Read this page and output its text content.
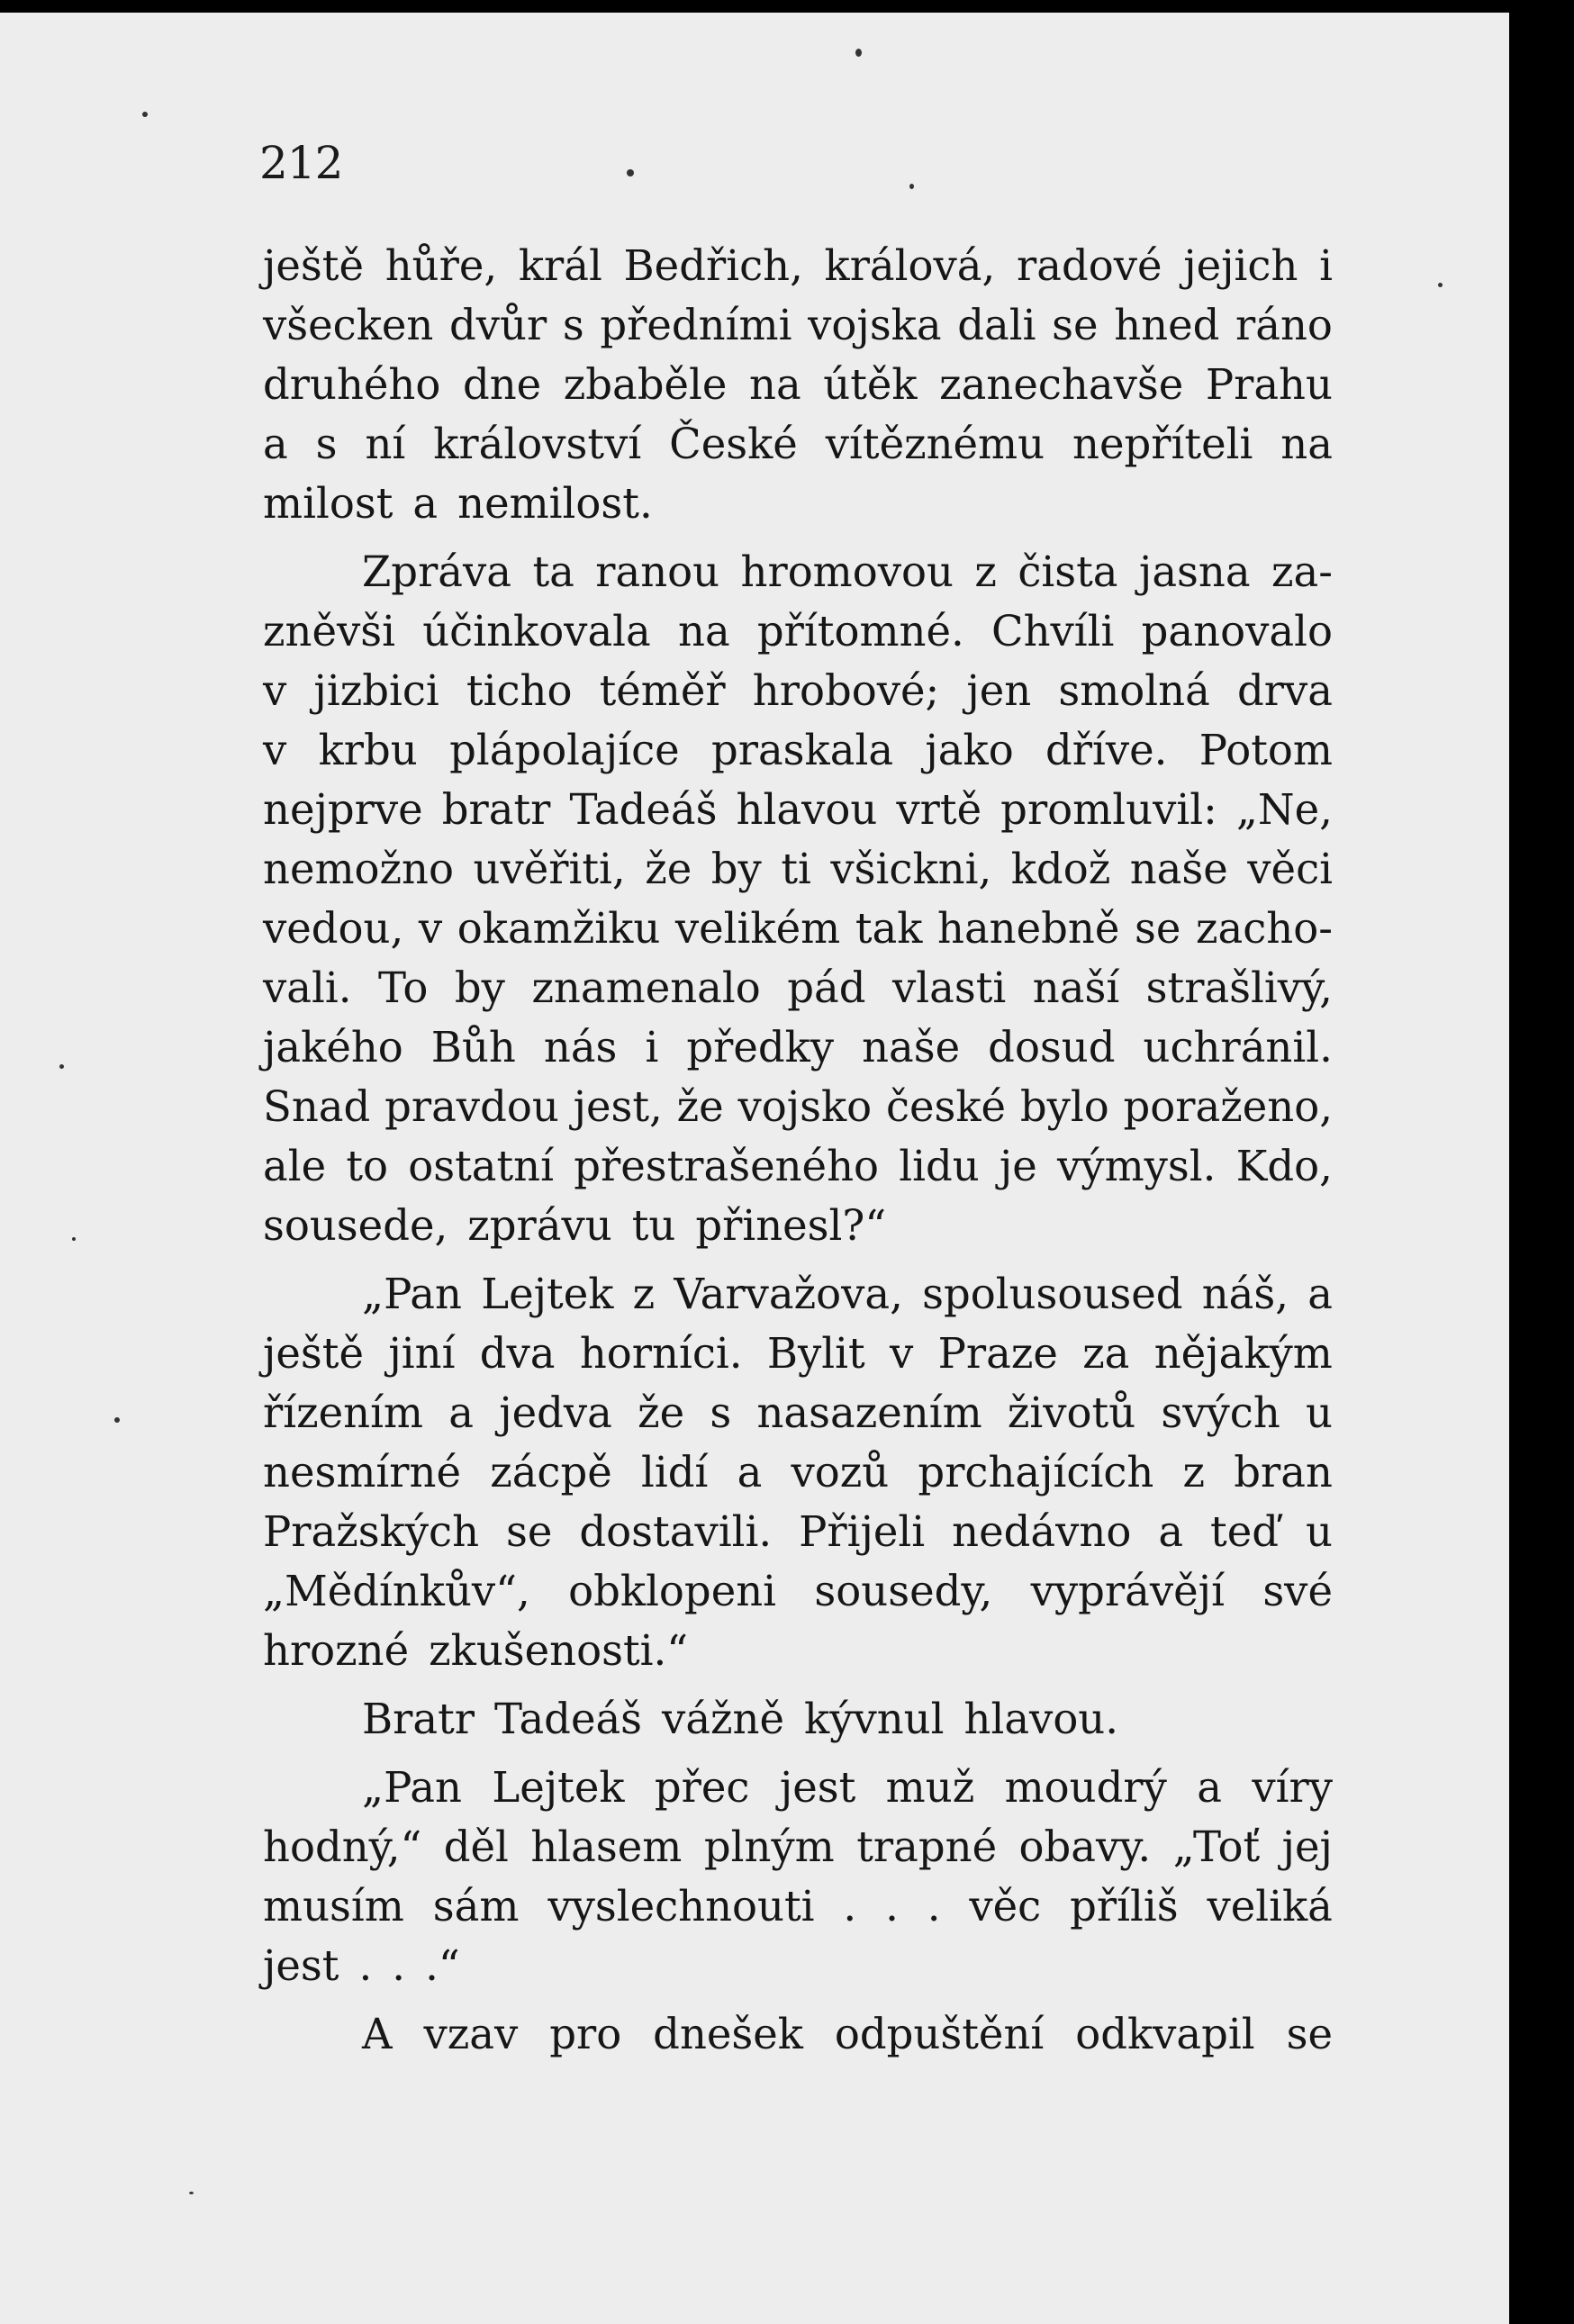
212
ještě hůře, král Bedřich, králová, radové jejich i
všecken dvůr s předními vojska dali se hned ráno
druhého dne zbaběle na útěk zanechavše Prahu
a s ní království České vítěznému nepříteli na
milost a nemilost.
Zpráva ta ranou hromovou z čista jasna za-
zněvši účinkovala na přítomné. Chvíli panovalo
v jizbici ticho téměř hrobové; jen smolná drva
v krbu plápolajíce praskala jako dříve. Potom
nejprve bratr Tadeáš hlavou vrtě promluvil: „Ne,
nemožno uvěřiti, že by ti všickni, kdož naše věci
vedou, v okamžiku velikém tak hanebně se zacho-
vali. To by znamenalo pád vlasti naší strašlivý,
jakého Bůh nás i předky naše dosud uchránil.
Snad pravdou jest, že vojsko české bylo poraženo,
ale to ostatní přestrašeného lidu je výmysl. Kdo,
sousede, zprávu tu přinesl?“
„Pan Lejtek z Varvažova, spolusoused náš, a
ještě jiní dva horníci. Bylit v Praze za nějakým
řízením a jedva že s nasazením životů svých u
nesmírné zácpě lidí a vozů prchajících z bran
Pražských se dostavili. Přijeli nedávno a teď u
„Mědínkův“, obklopeni sousedy, vyprávějí své
hrozné zkušenosti.“
Bratr Tadeáš vážně kývnul hlavou.
„Pan Lejtek přec jest muž moudrý a víry
hodný,“ děl hlasem plným trapné obavy. „Toť jej
musím sám vyslechnouti . . . věc příliš veliká
jest . . .“
A vzav pro dnešek odpuštění odkvapil se
